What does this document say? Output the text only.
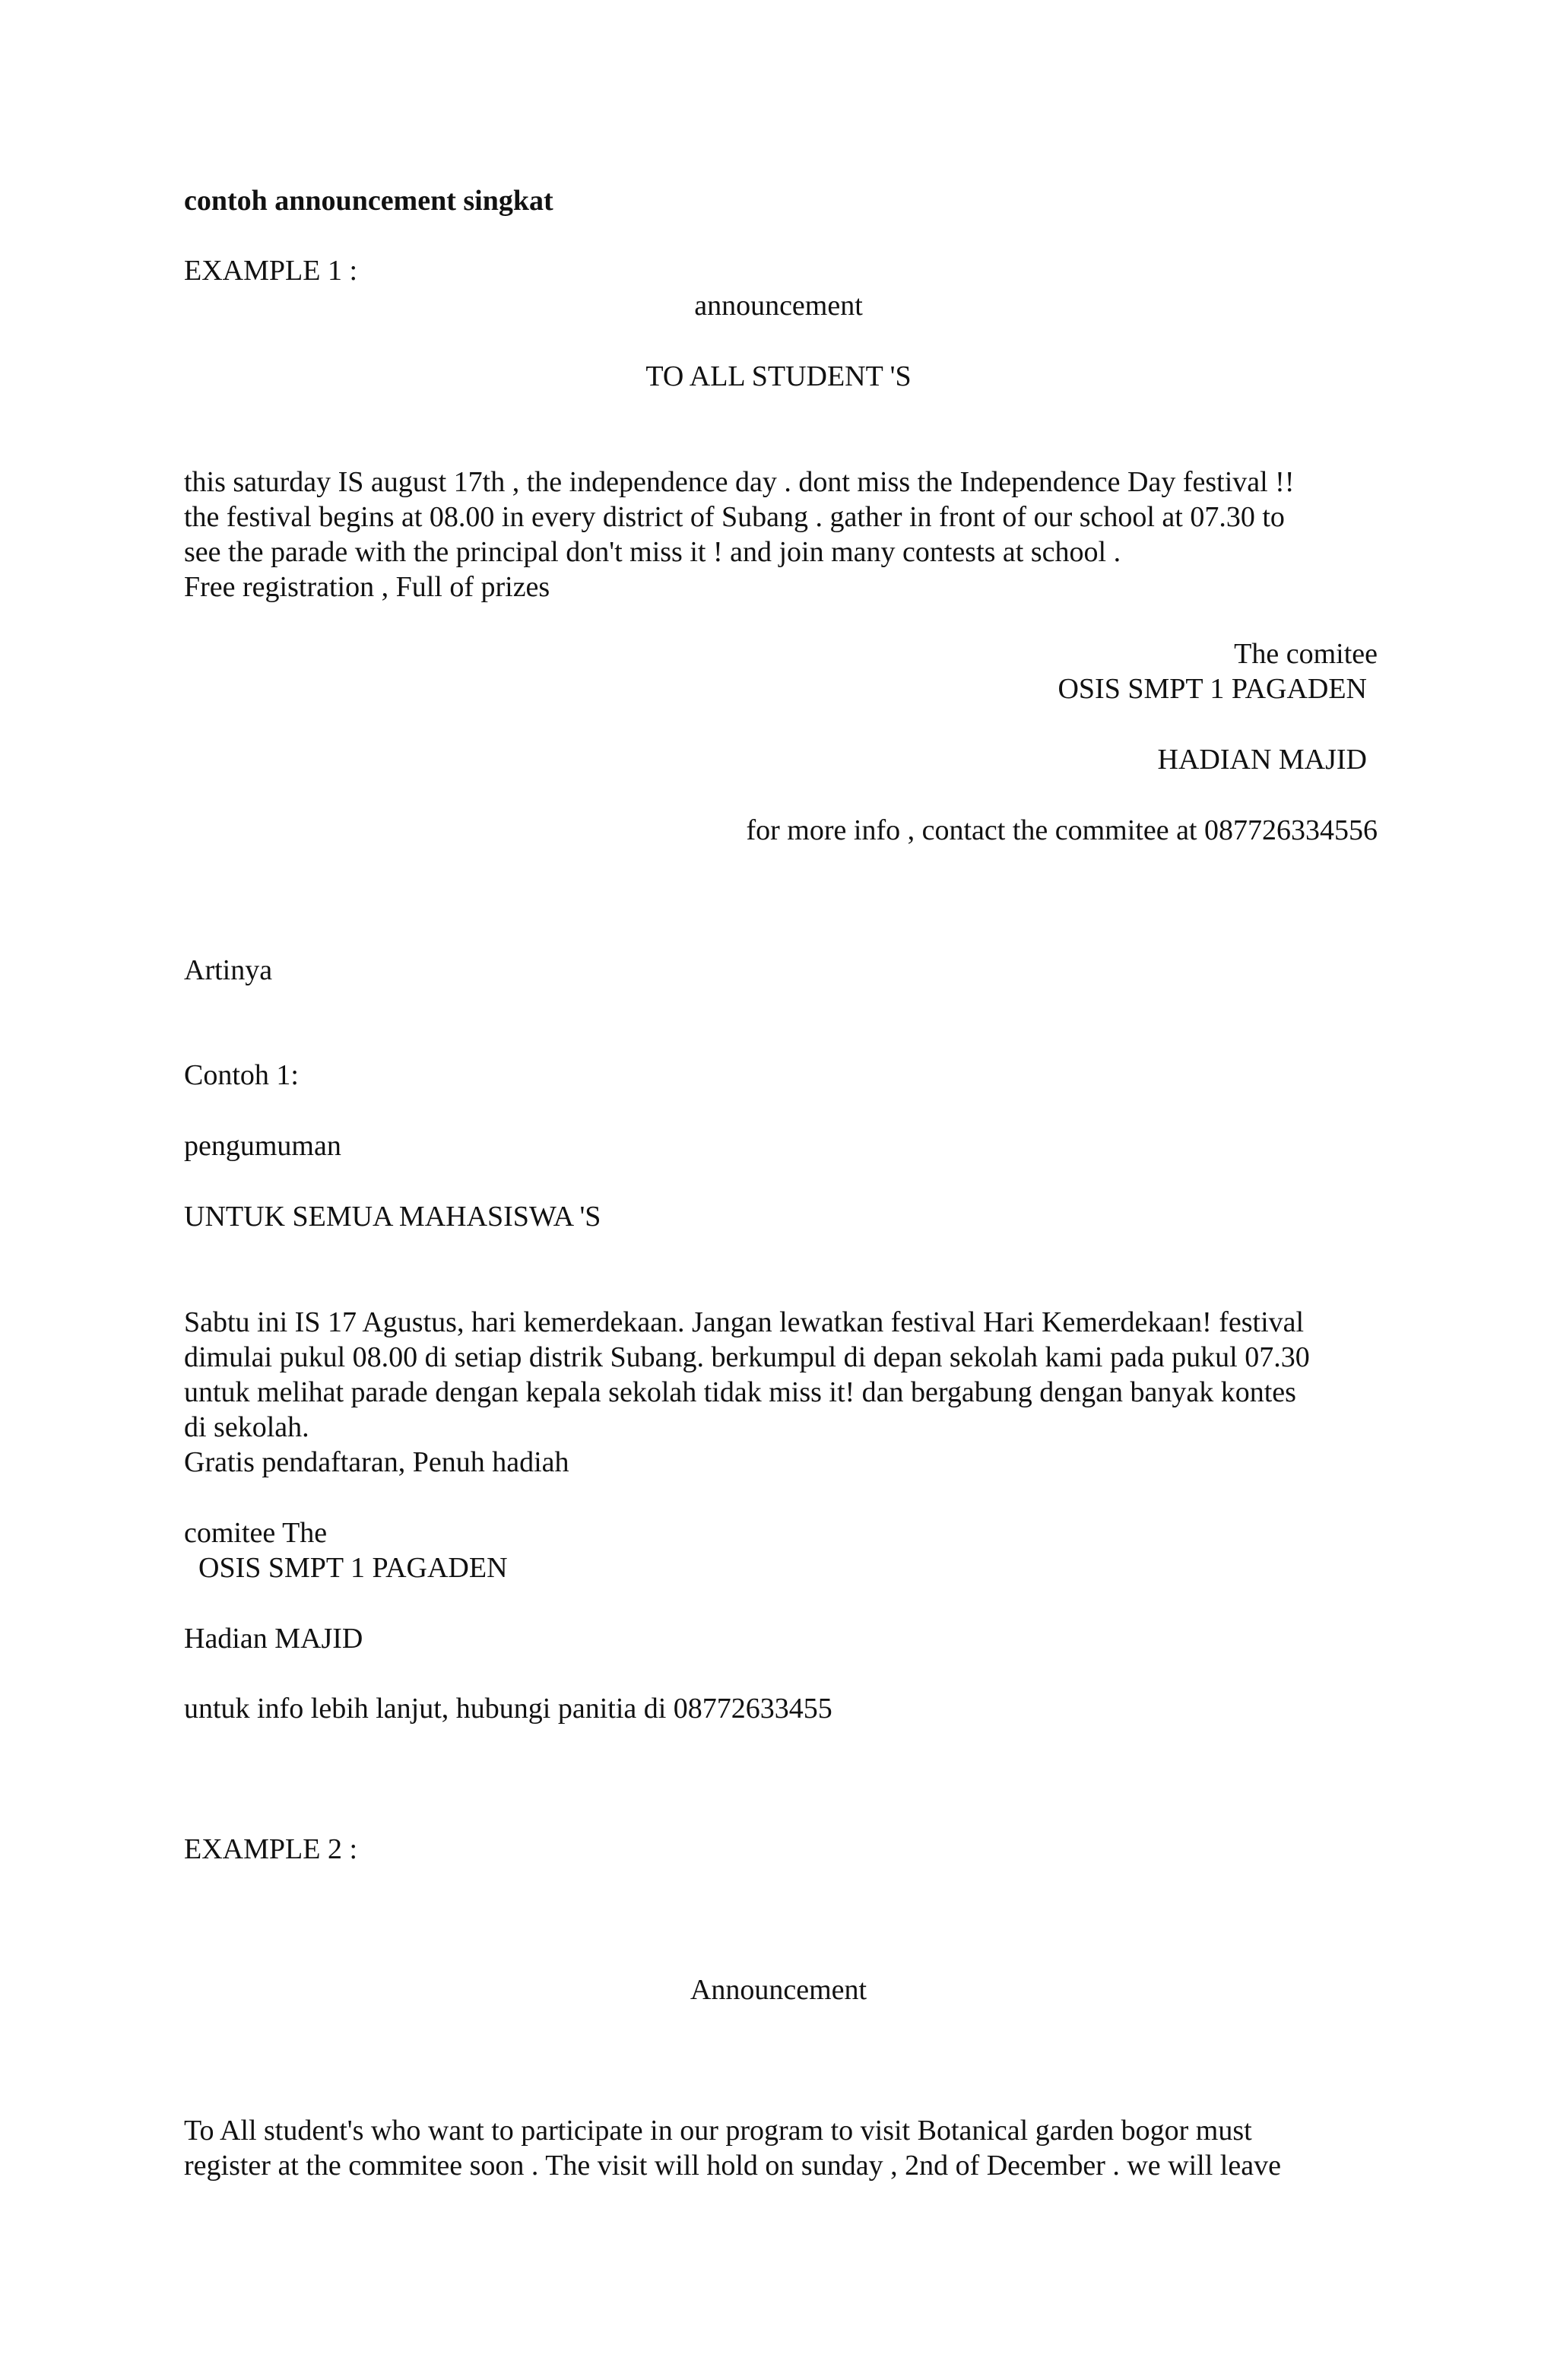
contoh announcement singkat
EXAMPLE 1 :
announcement
TO ALL STUDENT 'S
this saturday IS august 17th , the independence day . dont miss the Independence Day festival !!
the festival begins at 08.00 in every district of Subang . gather in front of our school at 07.30 to
see the parade with the principal don't miss it ! and join many contests at school .
Free registration , Full of prizes
The comitee
OSIS SMPT 1 PAGADEN
HADIAN MAJID
for more info , contact the commitee at 087726334556
Artinya
Contoh 1:
pengumuman
UNTUK SEMUA MAHASISWA 'S
Sabtu ini IS 17 Agustus, hari kemerdekaan. Jangan lewatkan festival Hari Kemerdekaan! festival
dimulai pukul 08.00 di setiap distrik Subang. berkumpul di depan sekolah kami pada pukul 07.30
untuk melihat parade dengan kepala sekolah tidak miss it! dan bergabung dengan banyak kontes
di sekolah.
Gratis pendaftaran, Penuh hadiah
comitee The
OSIS SMPT 1 PAGADEN
Hadian MAJID
untuk info lebih lanjut, hubungi panitia di 08772633455
EXAMPLE 2 :
Announcement
To All student's who want to participate in our program to visit Botanical garden bogor must
register at the commitee soon . The visit will hold on sunday , 2nd of December . we will leave
